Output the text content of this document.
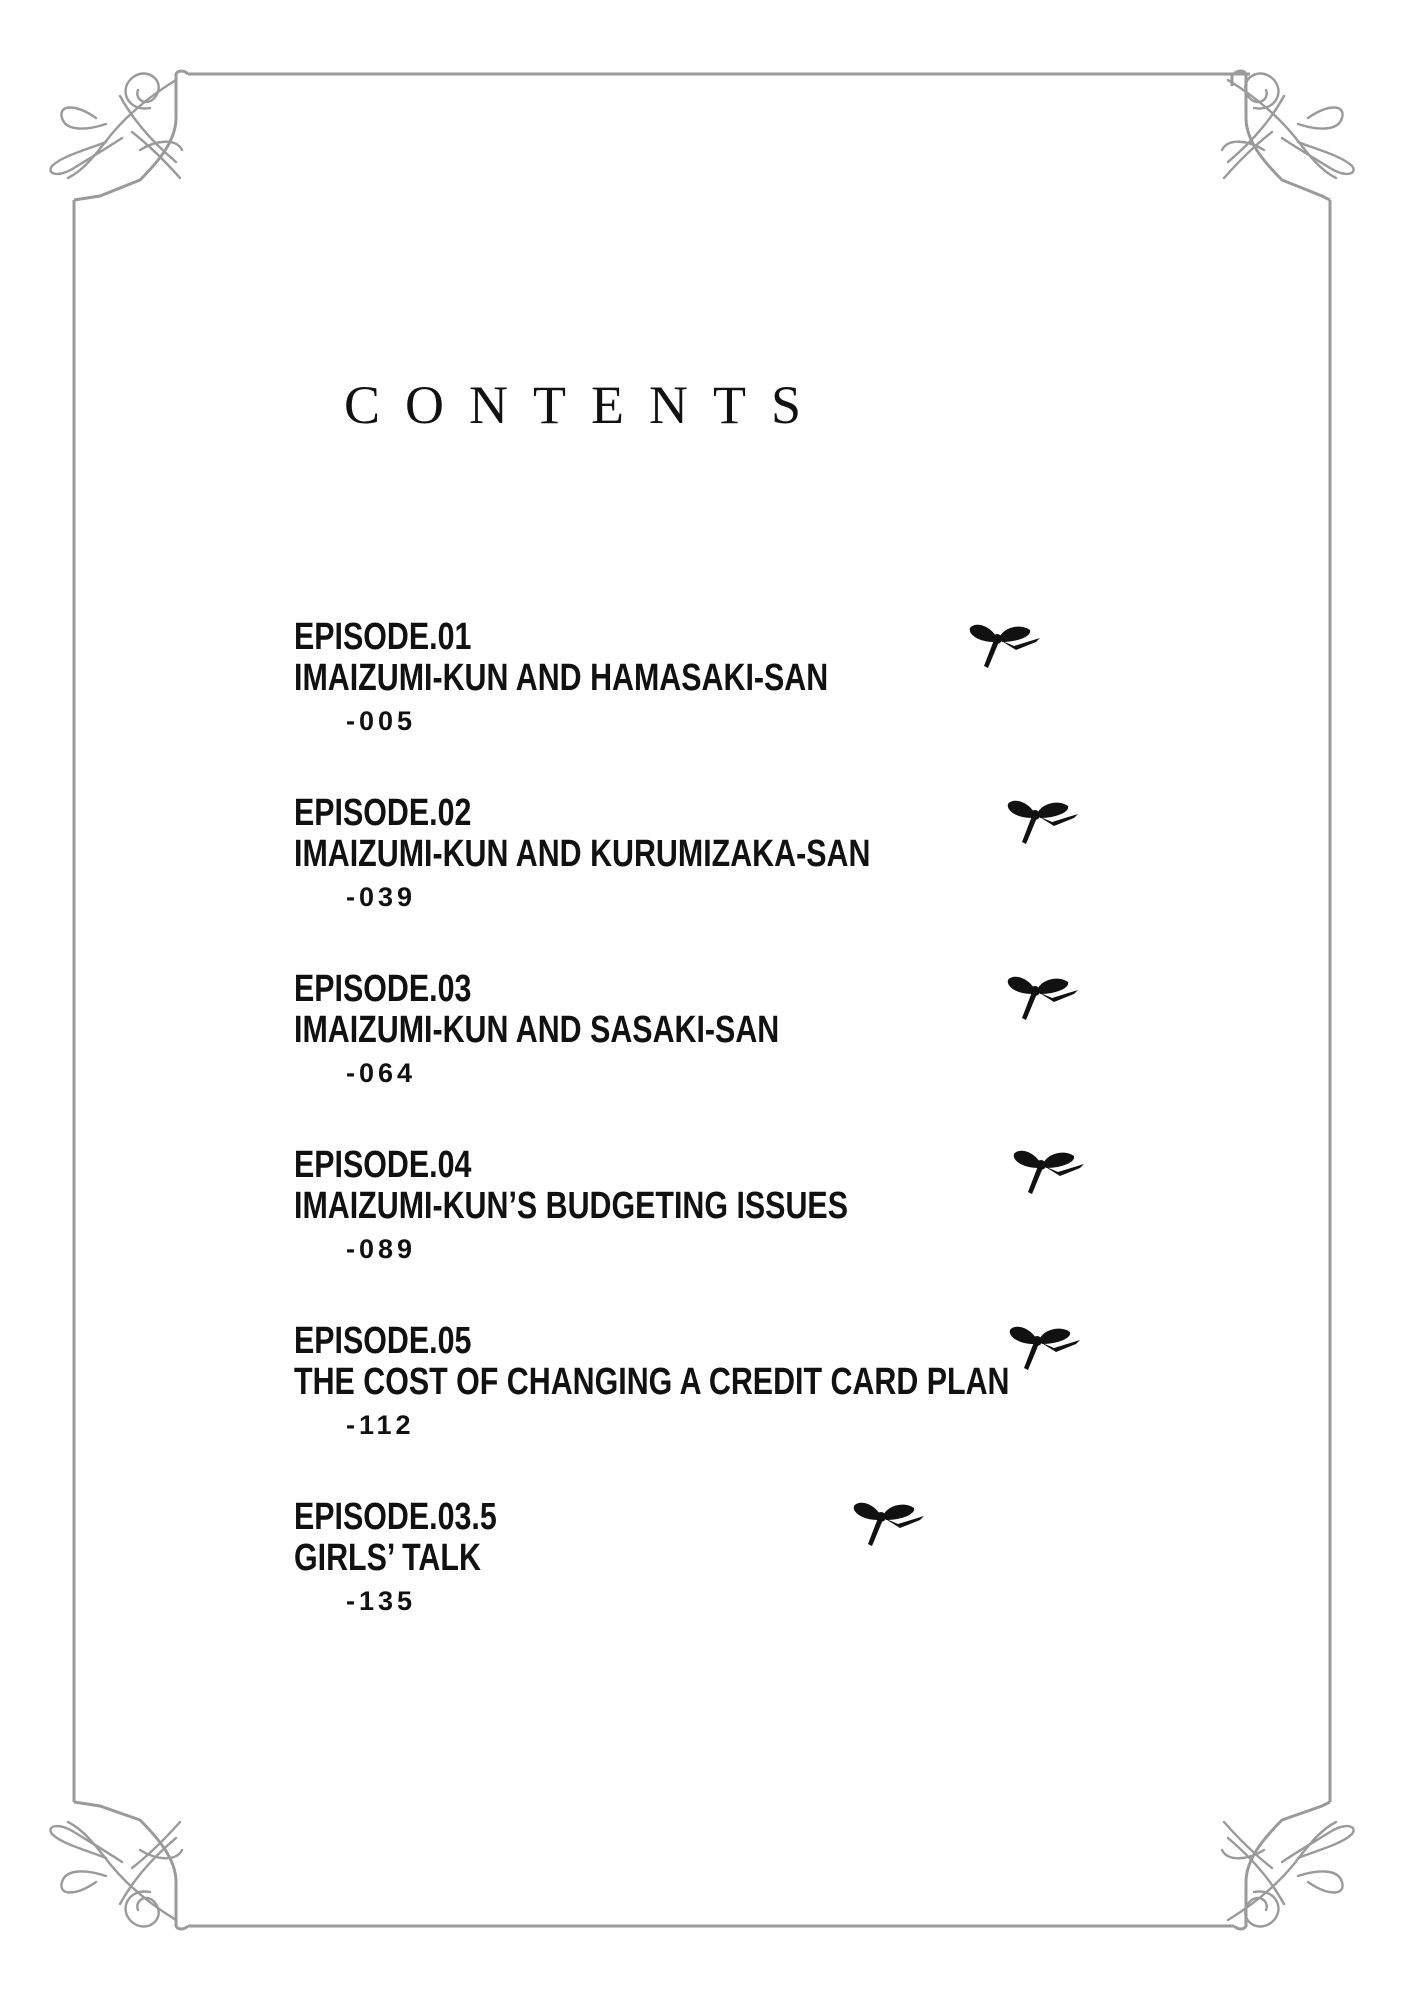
CONTENTS
EPISODE.01
IMAIZUMI-KUN AND HAMASAKI-SAN
-005
EPISODE.02
IMAIZUMI-KUN AND KURUMIZAKA-SAN
-039
EPISODE.03
IMAIZUMI-KUN AND SASAKI-SAN
-064
EPISODE.04
IMAIZUMI-KUN’S BUDGETING ISSUES
-089
EPISODE.05
THE COST OF CHANGING A CREDIT CARD PLAN
-112
EPISODE.03.5
GIRLS’ TALK
-135
